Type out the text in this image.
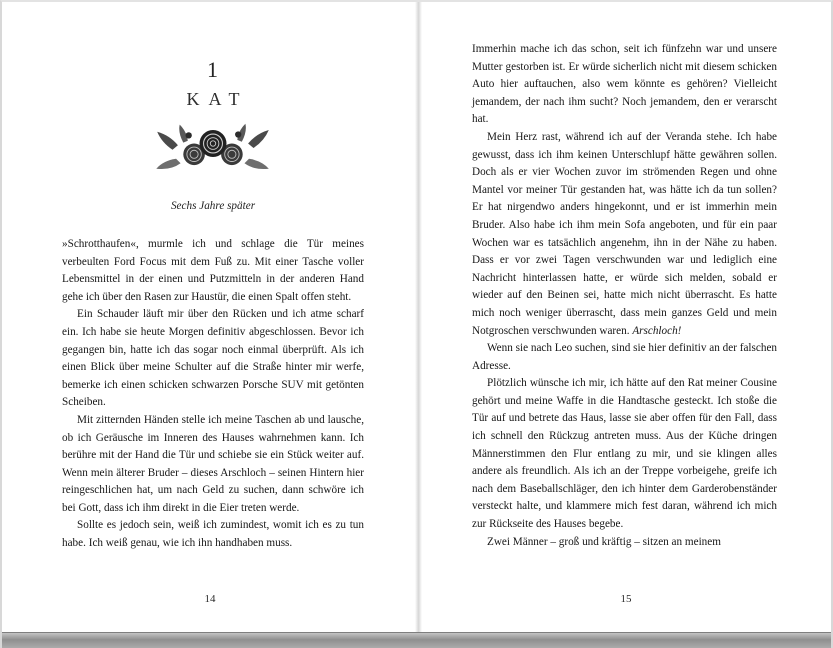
1
KAT
Sechs Jahre später

»Schrotthaufen«, murmle ich und schlage die Tür meines verbeulten Ford Focus mit dem Fuß zu. Mit einer Tasche voller Lebensmittel in der einen und Putzmitteln in der anderen Hand gehe ich über den Rasen zur Haustür, die einen Spalt offen steht.

Ein Schauder läuft mir über den Rücken und ich atme scharf ein. Ich habe sie heute Morgen definitiv abgeschlossen. Bevor ich gegangen bin, hatte ich das sogar noch einmal überprüft. Als ich einen Blick über meine Schulter auf die Straße hinter mir werfe, bemerke ich einen schicken schwarzen Porsche SUV mit getönten Scheiben.

Mit zitternden Händen stelle ich meine Taschen ab und lausche, ob ich Geräusche im Inneren des Hauses wahrnehmen kann. Ich berühre mit der Hand die Tür und schiebe sie ein Stück weiter auf. Wenn mein älterer Bruder – dieses Arschloch – seinen Hintern hier reingeschlichen hat, um nach Geld zu suchen, dann schwöre ich bei Gott, dass ich ihm direkt in die Eier treten werde.

Sollte es jedoch sein, weiß ich zumindest, womit ich es zu tun habe. Ich weiß genau, wie ich ihn handhaben muss.

14

Immerhin mache ich das schon, seit ich fünfzehn war und unsere Mutter gestorben ist. Er würde sicherlich nicht mit diesem schicken Auto hier auftauchen, also wem könnte es gehören? Vielleicht jemandem, der nach ihm sucht? Noch jemandem, den er verarscht hat.

Mein Herz rast, während ich auf der Veranda stehe. Ich habe gewusst, dass ich ihm keinen Unterschlupf hätte gewähren sollen. Doch als er vier Wochen zuvor im strömenden Regen und ohne Mantel vor meiner Tür gestanden hat, was hätte ich da tun sollen? Er hat nirgendwo anders hingekonnt, und er ist immerhin mein Bruder. Also habe ich ihm mein Sofa angeboten, und für ein paar Wochen war es tatsächlich angenehm, ihn in der Nähe zu haben. Dass er vor zwei Tagen verschwunden war und lediglich eine Nachricht hinterlassen hatte, er würde sich melden, sobald er wieder auf den Beinen sei, hatte mich nicht überrascht. Es hatte mich noch weniger überrascht, dass mein ganzes Geld und mein Notgroschen verschwunden waren. Arschloch!

Wenn sie nach Leo suchen, sind sie hier definitiv an der falschen Adresse.

Plötzlich wünsche ich mir, ich hätte auf den Rat meiner Cousine gehört und meine Waffe in die Handtasche gesteckt. Ich stoße die Tür auf und betrete das Haus, lasse sie aber offen für den Fall, dass ich schnell den Rückzug antreten muss. Aus der Küche dringen Männerstimmen den Flur entlang zu mir, und sie klingen alles andere als freundlich. Als ich an der Treppe vorbeigehe, greife ich nach dem Baseballschläger, den ich hinter dem Garderobenständer versteckt halte, und klammere mich fest daran, während ich mich zur Rückseite des Hauses begebe.

Zwei Männer – groß und kräftig – sitzen an meinem

15
